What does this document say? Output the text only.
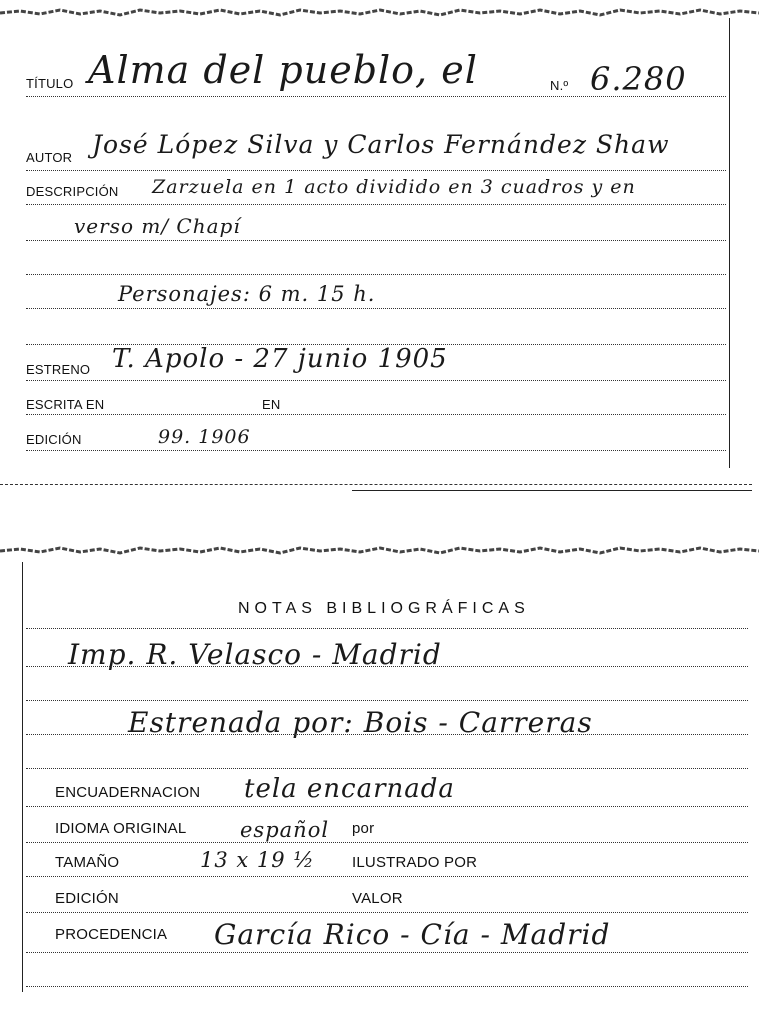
TÍTULO Alma del pueblo, el	N.º 6.280
AUTOR José López Silva y Carlos Fernández Shaw
DESCRIPCIÓN Zarzuela en 1 acto dividido en 3 cuadros y en
verso m/ Chapí
Personajes: 6 m. 15 h.
ESTRENO T. Apolo - 27 junio 1905
ESCRITA EN	EN
EDICIÓN	99. 1906
NOTAS BIBLIOGRÁFICAS
Imp. R. Velasco - Madrid
Estrenada por: Bois - Carreras
ENCUADERNACION tela encarnada
IDIOMA ORIGINAL	español por
TAMAÑO	13 x 19 ½ ILUSTRADO POR
EDICIÓN	VALOR
PROCEDENCIA García Rico - Cía - Madrid
